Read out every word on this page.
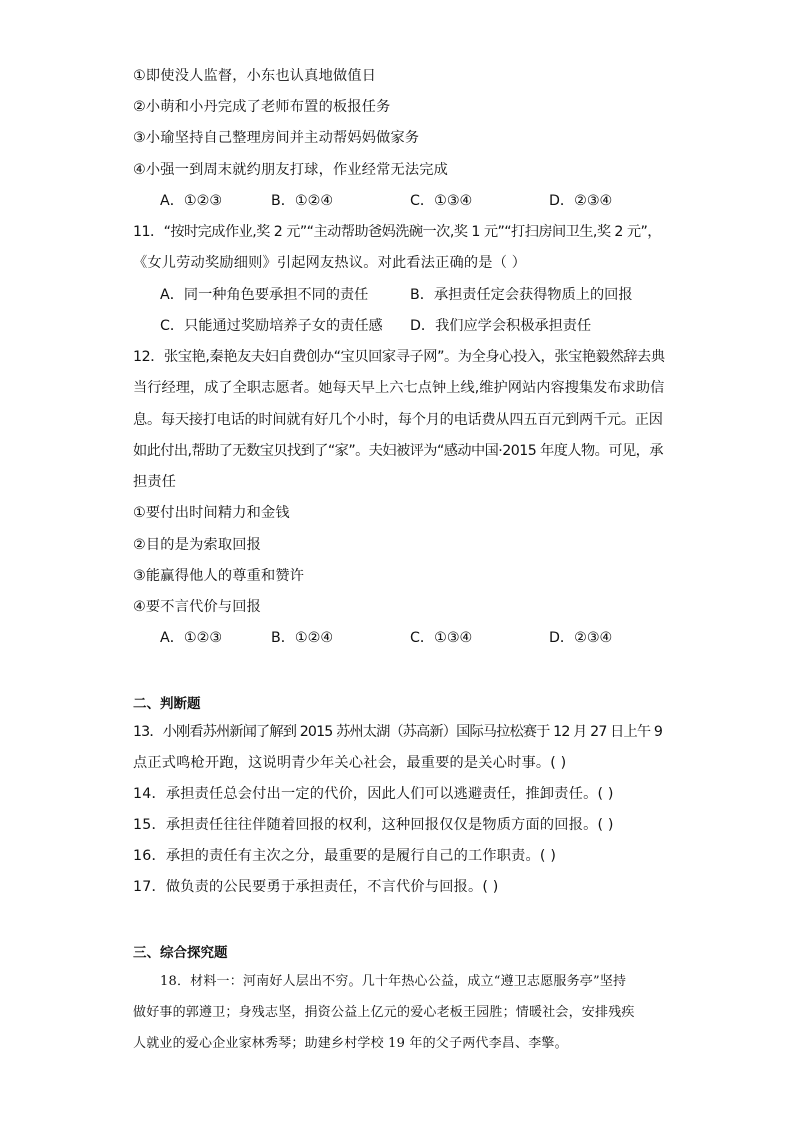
①即使没人监督，小东也认真地做值日
②小萌和小丹完成了老师布置的板报任务
③小瑜坚持自己整理房间并主动帮妈妈做家务
④小强一到周末就约朋友打球，作业经常无法完成
A．①②③	B．①②④	C．①③④	D．②③④
11．“按时完成作业,奖 2 元”“主动帮助爸妈洗碗一次,奖 1 元”“打扫房间卫生,奖 2 元”，
《女儿劳动奖励细则》引起网友热议。对此看法正确的是（ ）
A．同一种角色要承担不同的责任	B．承担责任定会获得物质上的回报
C．只能通过奖励培养子女的责任感 D．我们应学会积极承担责任
12．张宝艳,秦艳友夫妇自费创办“宝贝回家寻子网”。为全身心投入，张宝艳毅然辞去典
当行经理，成了全职志愿者。她每天早上六七点钟上线,维护网站内容搜集发布求助信
息。每天接打电话的时间就有好几个小时，每个月的电话费从四五百元到两千元。正因
如此付出,帮助了无数宝贝找到了“家”。夫妇被评为“感动中国·2015 年度人物。可见，承
担责任
①要付出时间精力和金钱
②目的是为索取回报
③能赢得他人的尊重和赞许
④要不言代价与回报
A．①②③	B．①②④	C．①③④	D．②③④
二、判断题
13．小刚看苏州新闻了解到 2015 苏州太湖（苏高新）国际马拉松赛于 12 月 27 日上午 9
点正式鸣枪开跑，这说明青少年关心社会，最重要的是关心时事。( )
14．承担责任总会付出一定的代价，因此人们可以逃避责任，推卸责任。( )
15．承担责任往往伴随着回报的权利，这种回报仅仅是物质方面的回报。( )
16．承担的责任有主次之分，最重要的是履行自己的工作职责。( )
17．做负责的公民要勇于承担责任，不言代价与回报。( )
三、综合探究题
18．材料一：河南好人层出不穷。几十年热心公益，成立“遵卫志愿服务亭”坚持
做好事的郭遵卫；身残志坚，捐资公益上亿元的爱心老板王园胜；情暖社会，安排残疾
人就业的爱心企业家林秀琴；助建乡村学校 19 年的父子两代李昌、李擎。
